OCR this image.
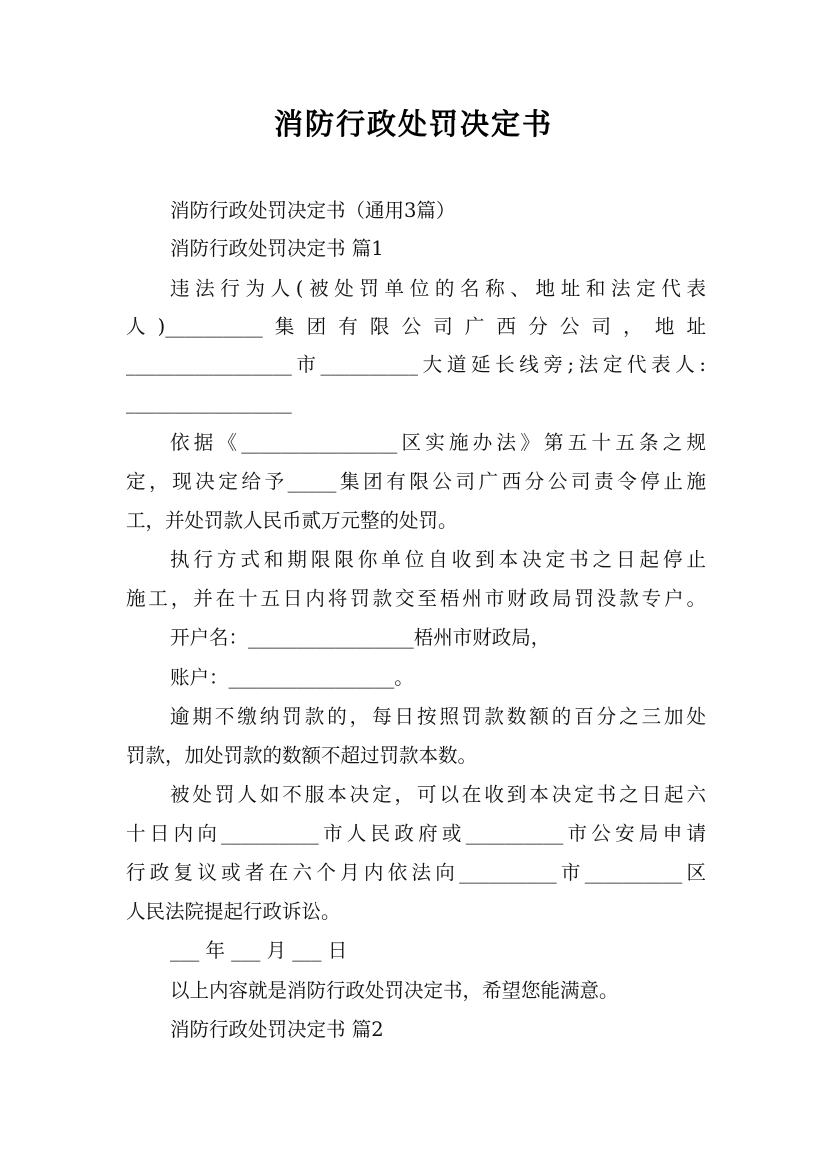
消防行政处罚决定书
消防行政处罚决定书（通用3篇）
消防行政处罚决定书 篇1
违法行为人(被处罚单位的名称、地址和法定代表
人)__________集团有限公司广西分公司，地址
_________________市__________大道延长线旁;法定代表人:
_________________
依据《________________区实施办法》第五十五条之规
定，现决定给予_____集团有限公司广西分公司责令停止施
工，并处罚款人民币贰万元整的处罚。
执行方式和期限限你单位自收到本决定书之日起停止
施工，并在十五日内将罚款交至梧州市财政局罚没款专户。
开户名：_________________梧州市财政局，
账户：_________________。
逾期不缴纳罚款的，每日按照罚款数额的百分之三加处
罚款，加处罚款的数额不超过罚款本数。
被处罚人如不服本决定，可以在收到本决定书之日起六
十日内向__________市人民政府或__________市公安局申请
行政复议或者在六个月内依法向__________市__________区
人民法院提起行政诉讼。
___ 年 ___ 月 ___ 日
以上内容就是消防行政处罚决定书，希望您能满意。
消防行政处罚决定书 篇2
